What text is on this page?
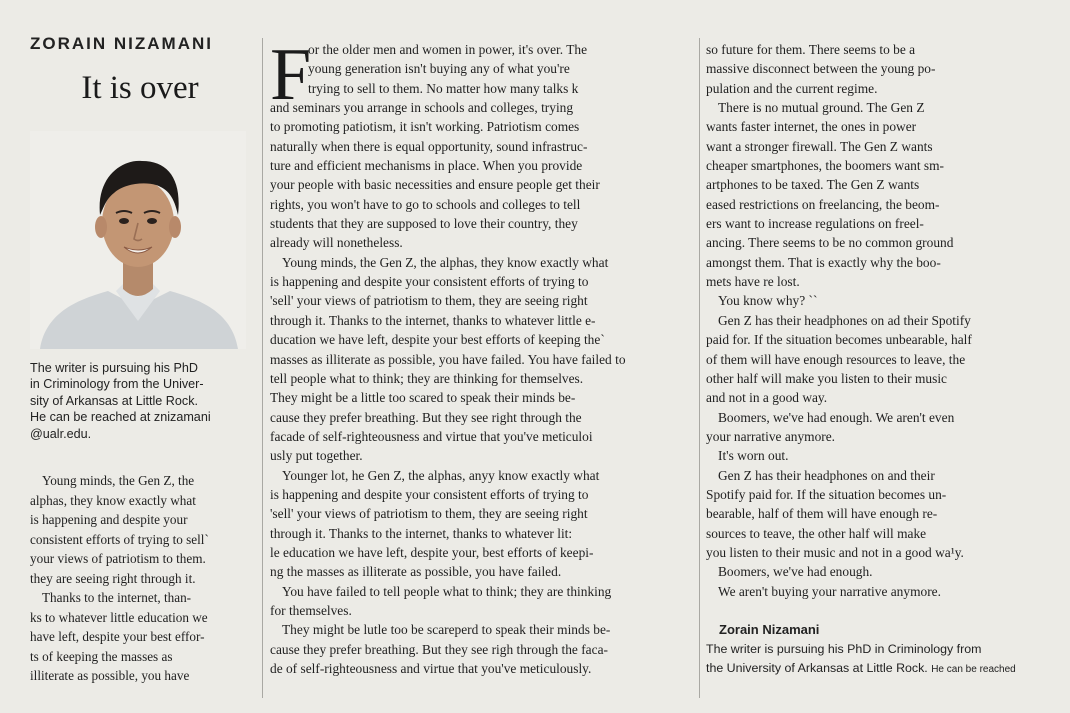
ZORAIN NIZAMANI
It is over
The writer is pursuing his PhD
in Criminology from the Univer-
sity of Arkansas at Little Rock.
He can be reached at znizamani
@ualr.edu.
Young minds, the Gen Z, the
alphas, they know exactly what
is happening and despite your
consistent efforts of trying to sell`
your views of patriotism to them.
they are seeing right through it.
Thanks to the internet, than-
ks to whatever little education we
have left, despite your best effor-
ts of keeping the masses as
illiterate as possible, you have
F
or the older men and women in power, it's over. The
young generation isn't buying any of what you're
trying to sell to them. No matter how many talks k
and seminars you arrange in schools and colleges, trying
to promoting patiotism, it isn't working. Patriotism comes
naturally when there is equal opportunity, sound infrastruc-
ture and efficient mechanisms in place. When you provide
your people with basic necessities and ensure people get their
rights, you won't have to go to schools and colleges to tell
students that they are supposed to love their country, they
already will nonetheless.
Young minds, the Gen Z, the alphas, they know exactly what
is happening and despite your consistent efforts of trying to
'sell' your views of patriotism to them, they are seeing right
through it. Thanks to the internet, thanks to whatever little e-
ducation we have left, despite your best efforts of keeping the`
masses as illiterate as possible, you have failed. You have failed to
tell people what to think; they are thinking for themselves.
They might be a little too scared to speak their minds be-
cause they prefer breathing. But they see right through the
facade of self-righteousness and virtue that you've meticuloi
usly put together.
Younger lot, he Gen Z, the alphas, anyy know exactly what
is happening and despite your consistent efforts of trying to
'sell' your views of patriotism to them, they are seeing right
through it. Thanks to the internet, thanks to whatever lit:
le education we have left, despite your, best efforts of keepi-
ng the masses as illiterate as possible, you have failed.
You have failed to tell people what to think; they are thinking
for themselves.
They might be lutle too be scareperd to speak their minds be-
cause they prefer breathing. But they see righ through the faca-
de of self-righteousness and virtue that you've meticulously.
so future for them. There seems to be a
massive disconnect between the young po-
pulation and the current regime.
There is no mutual ground. The Gen Z
wants faster internet, the ones in power
want a stronger firewall. The Gen Z wants
cheaper smartphones, the boomers want sm-
artphones to be taxed. The Gen Z wants
eased restrictions on freelancing, the beom-
ers want to increase regulations on freel-
ancing. There seems to be no common ground
amongst them. That is exactly why the boo-
mets have re lost.
You know why? ``
Gen Z has their headphones on ad their Spotify
paid for. If the situation becomes unbearable, half
of them will have enough resources to leave, the
other half will make you listen to their music
and not in a good way.
Boomers, we've had enough. We aren't even
your narrative anymore.
It's worn out.
Gen Z has their headphones on and their
Spotify paid for. If the situation becomes un-
bearable, half of them will have enough re-
sources to teave, the other half will make
you listen to their music and not in a good wa¹y.
Boomers, we've had enough.
We aren't buying your narrative anymore.
Zorain Nizamani
The writer is pursuing his PhD in Criminology from
the University of Arkansas at Little Rock. He can be reached
